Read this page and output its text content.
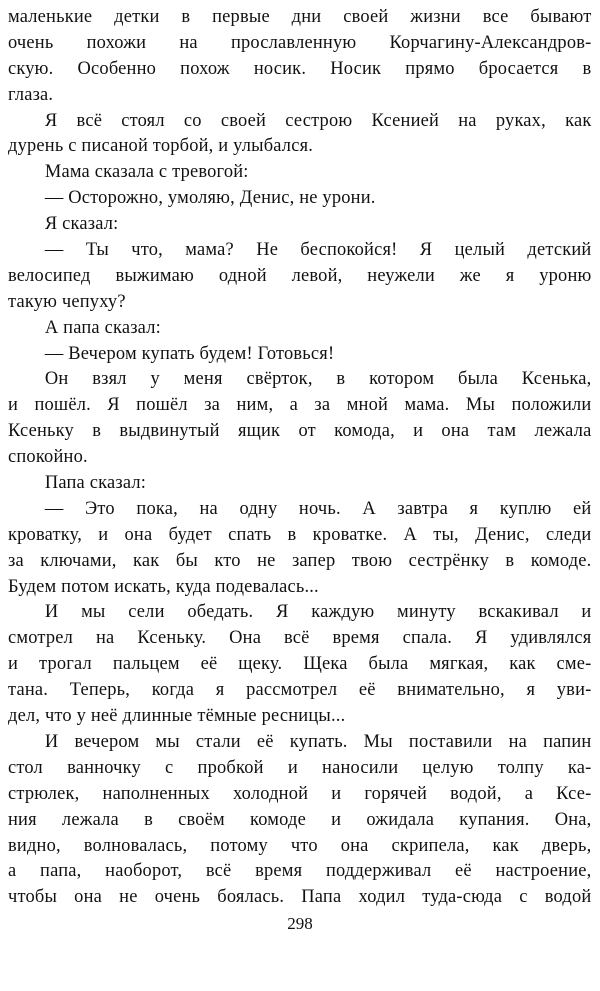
маленькие детки в первые дни своей жизни все бывают
очень похожи на прославленную Корчагину-Александров-
скую. Особенно похож носик. Носик прямо бросается в
глаза.
Я всё стоял со своей сестрою Ксенией на руках, как
дурень с писаной торбой, и улыбался.
Мама сказала с тревогой:
— Осторожно, умоляю, Денис, не урони.
Я сказал:
— Ты что, мама? Не беспокойся! Я целый детский
велосипед выжимаю одной левой, неужели же я уроню
такую чепуху?
А папа сказал:
— Вечером купать будем! Готовься!
Он взял у меня свёрток, в котором была Ксенька,
и пошёл. Я пошёл за ним, а за мной мама. Мы положили
Ксеньку в выдвинутый ящик от комода, и она там лежала
спокойно.
Папа сказал:
— Это пока, на одну ночь. А завтра я куплю ей
кроватку, и она будет спать в кроватке. А ты, Денис, следи
за ключами, как бы кто не запер твою сестрёнку в комоде.
Будем потом искать, куда подевалась...
И мы сели обедать. Я каждую минуту вскакивал и
смотрел на Ксеньку. Она всё время спала. Я удивлялся
и трогал пальцем её щеку. Щека была мягкая, как сме-
тана. Теперь, когда я рассмотрел её внимательно, я уви-
дел, что у неё длинные тёмные ресницы...
И вечером мы стали её купать. Мы поставили на папин
стол ванночку с пробкой и наносили целую толпу ка-
стрюлек, наполненных холодной и горячей водой, а Ксе-
ния лежала в своём комоде и ожидала купания. Она,
видно, волновалась, потому что она скрипела, как дверь,
а папа, наоборот, всё время поддерживал её настроение,
чтобы она не очень боялась. Папа ходил туда-сюда с водой
298
